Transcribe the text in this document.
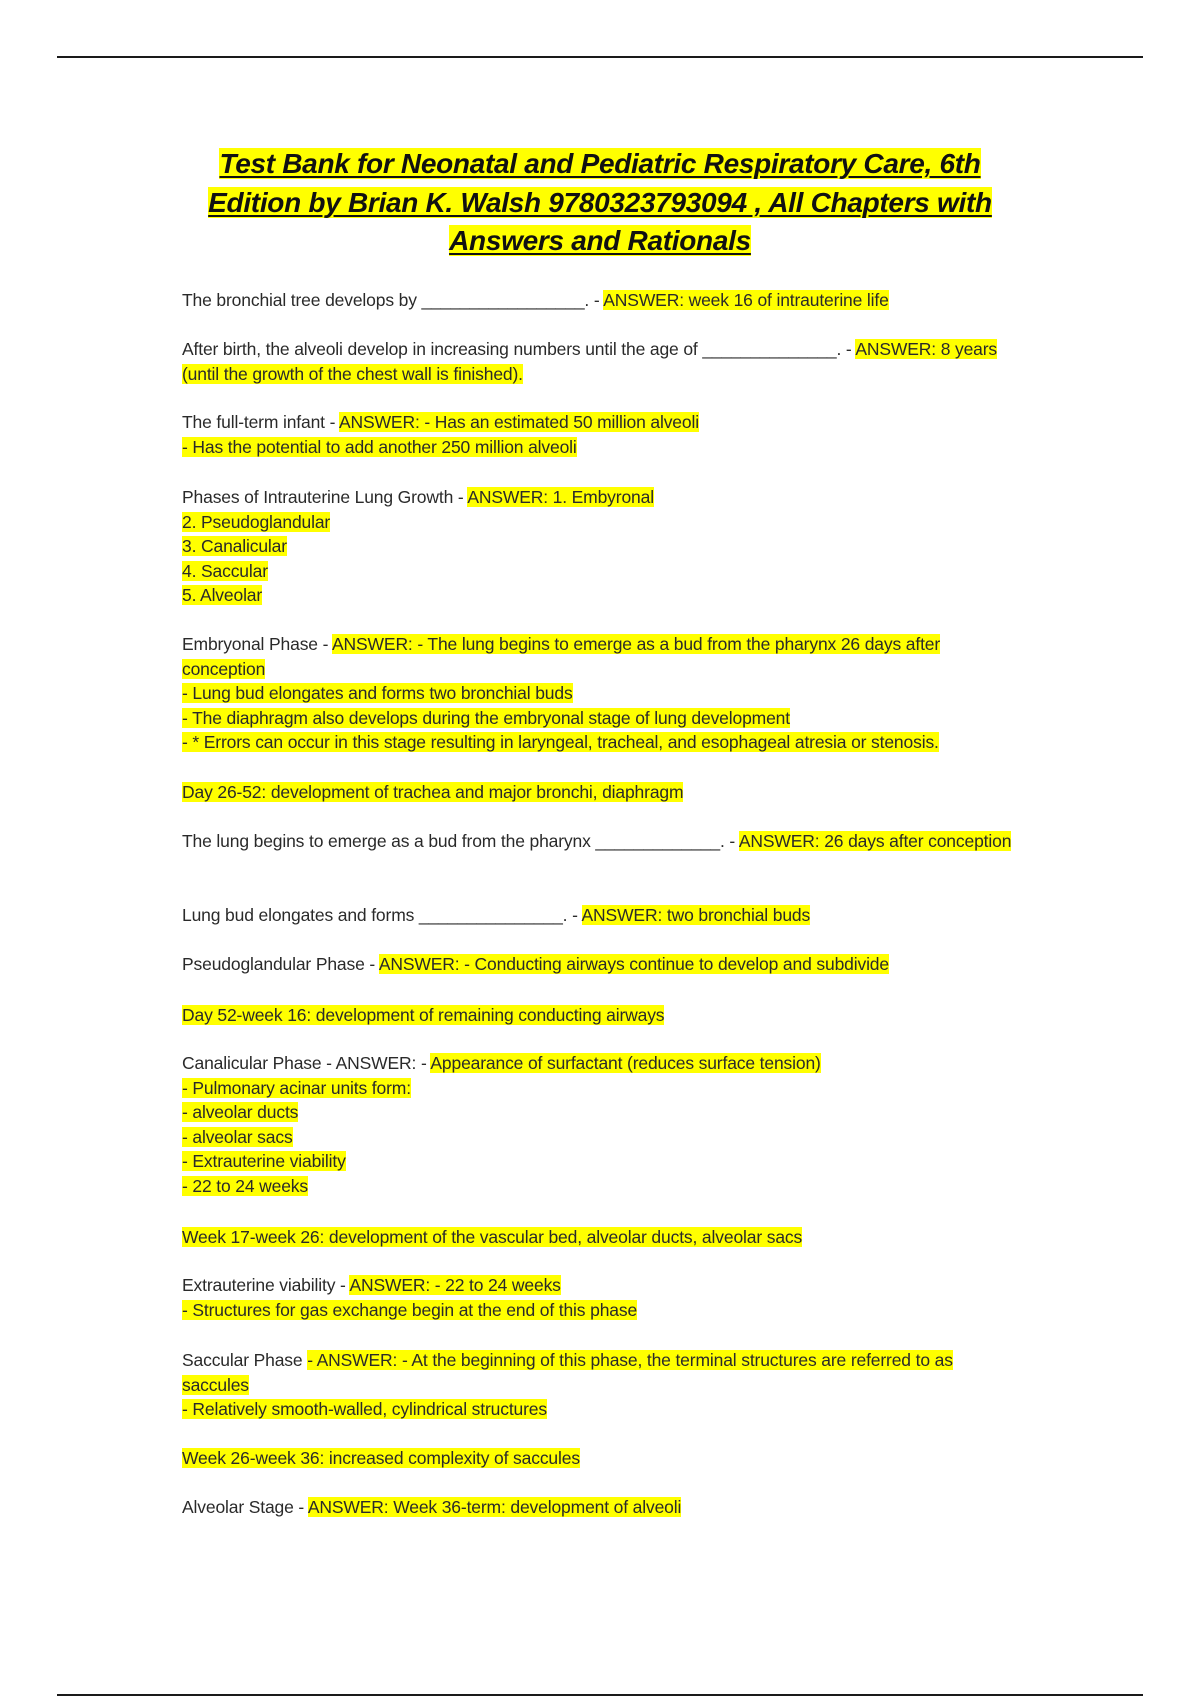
Test Bank for Neonatal and Pediatric Respiratory Care, 6th Edition by Brian K. Walsh 9780323793094 , All Chapters with Answers and Rationals
The bronchial tree develops by _________________. - ANSWER: week 16 of intrauterine life
After birth, the alveoli develop in increasing numbers until the age of ______________. - ANSWER: 8 years (until the growth of the chest wall is finished).
The full-term infant - ANSWER: - Has an estimated 50 million alveoli
- Has the potential to add another 250 million alveoli
Phases of Intrauterine Lung Growth - ANSWER: 1. Embyronal
2. Pseudoglandular
3. Canalicular
4. Saccular
5. Alveolar
Embryonal Phase - ANSWER: - The lung begins to emerge as a bud from the pharynx 26 days after conception
- Lung bud elongates and forms two bronchial buds
- The diaphragm also develops during the embryonal stage of lung development
- * Errors can occur in this stage resulting in laryngeal, tracheal, and esophageal atresia or stenosis.
Day 26-52: development of trachea and major bronchi, diaphragm
The lung begins to emerge as a bud from the pharynx _____________. - ANSWER: 26 days after conception
Lung bud elongates and forms _______________. - ANSWER: two bronchial buds
Pseudoglandular Phase - ANSWER: - Conducting airways continue to develop and subdivide
Day 52-week 16: development of remaining conducting airways
Canalicular Phase - ANSWER: - Appearance of surfactant (reduces surface tension)
- Pulmonary acinar units form:
- alveolar ducts
- alveolar sacs
- Extrauterine viability
- 22 to 24 weeks
Week 17-week 26: development of the vascular bed, alveolar ducts, alveolar sacs
Extrauterine viability - ANSWER: - 22 to 24 weeks
- Structures for gas exchange begin at the end of this phase
Saccular Phase - ANSWER: - At the beginning of this phase, the terminal structures are referred to as saccules
- Relatively smooth-walled, cylindrical structures
Week 26-week 36: increased complexity of saccules
Alveolar Stage - ANSWER: Week 36-term: development of alveoli
